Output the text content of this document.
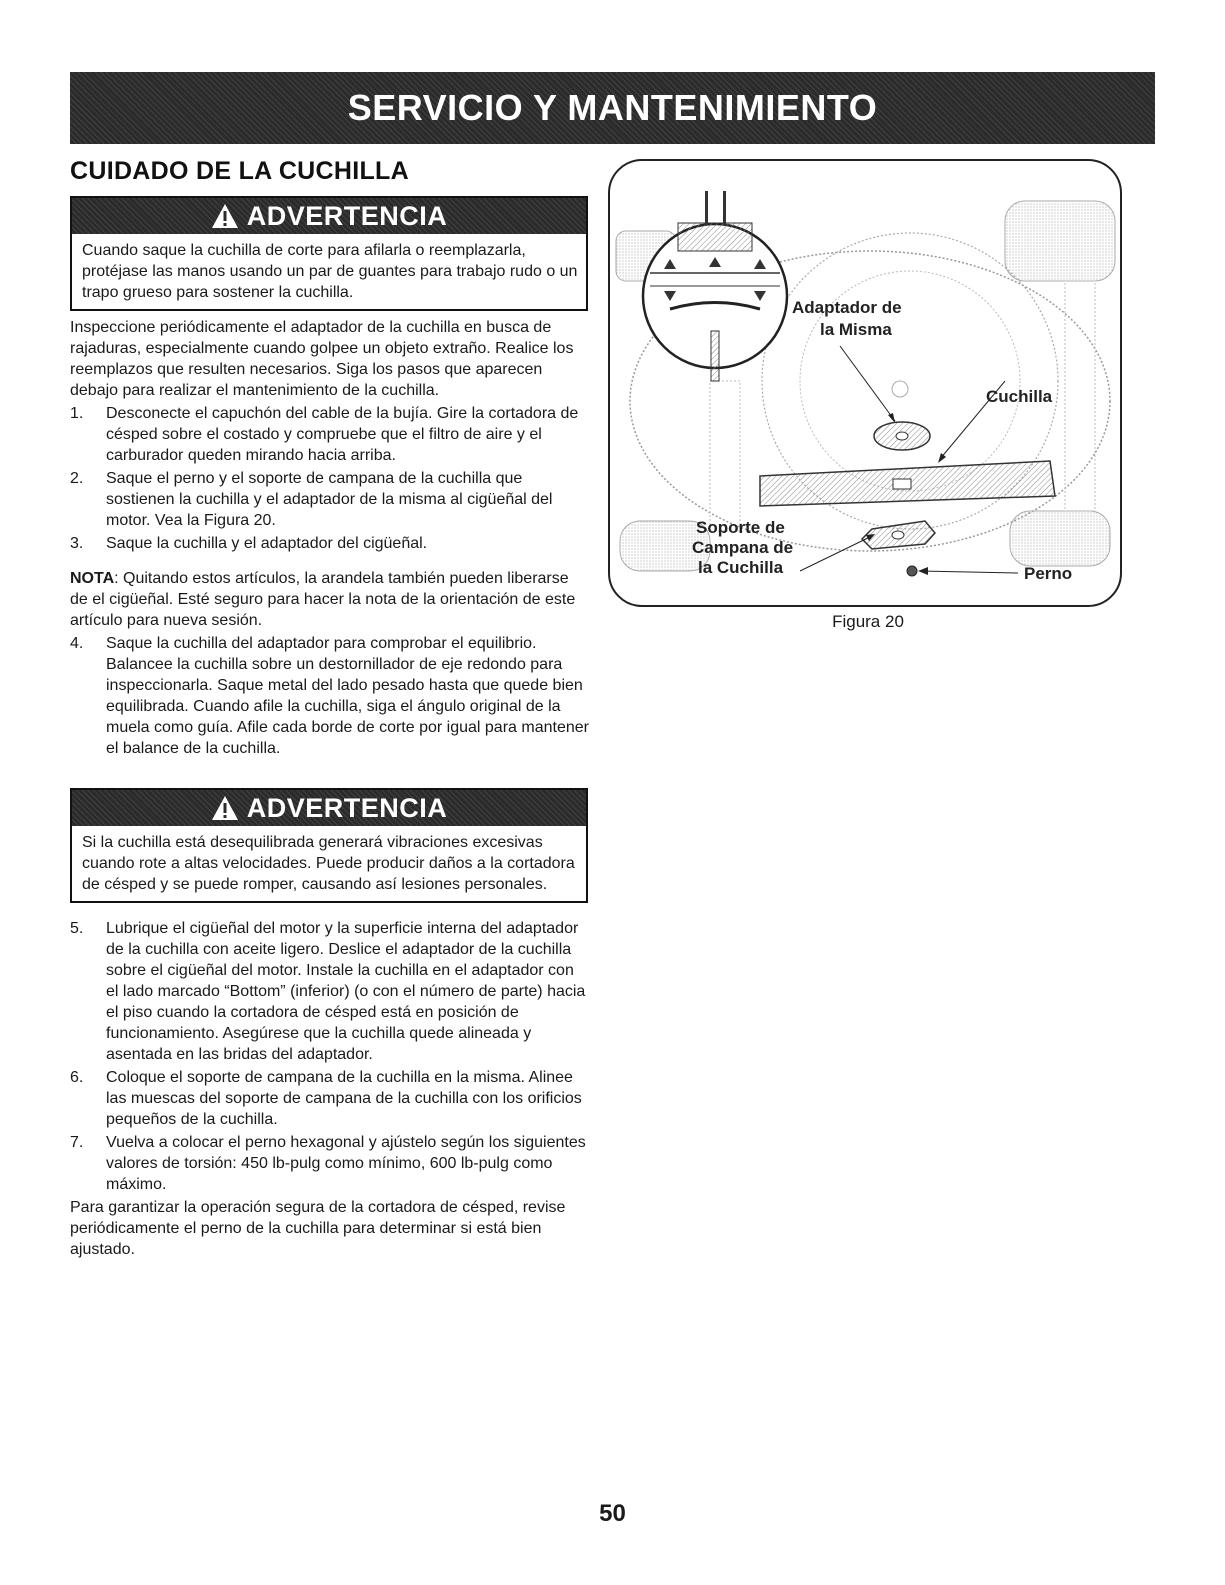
SERVICIO Y MANTENIMIENTO
CUIDADO DE LA CUCHILLA
ADVERTENCIA
Cuando saque la cuchilla de corte para afilarla o reemplazarla, protéjase las manos usando un par de guantes para trabajo rudo o un trapo grueso para sostener la cuchilla.

Inspeccione periódicamente el adaptador de la cuchilla en busca de rajaduras, especialmente cuando golpee un objeto extraño. Realice los reemplazos que resulten necesarios. Siga los pasos que aparecen debajo para realizar el mantenimiento de la cuchilla.

1.	Desconecte el capuchón del cable de la bujía. Gire la cortadora de césped sobre el costado y compruebe que el filtro de aire y el carburador queden mirando hacia arriba.
2.	Saque el perno y el soporte de campana de la cuchilla que sostienen la cuchilla y el adaptador de la misma al cigüeñal del motor. Vea la Figura 20.
3.	Saque la cuchilla y el adaptador del cigüeñal.

NOTA: Quitando estos artículos, la arandela también pueden liberarse de el cigüeñal. Esté seguro para hacer la nota de la orientación de este artículo para nueva sesión.

4.	Saque la cuchilla del adaptador para comprobar el equilibrio. Balancee la cuchilla sobre un destornillador de eje redondo para inspeccionarla. Saque metal del lado pesado hasta que quede bien equilibrada. Cuando afile la cuchilla, siga el ángulo original de la muela como guía. Afile cada borde de corte por igual para mantener el balance de la cuchilla.
ADVERTENCIA
Si la cuchilla está desequilibrada generará vibraciones excesivas cuando rote a altas velocidades. Puede producir daños a la cortadora de césped y se puede romper, causando así lesiones personales.
5.	Lubrique el cigüeñal del motor y la superficie interna del adaptador de la cuchilla con aceite ligero. Deslice el adaptador de la cuchilla sobre el cigüeñal del motor. Instale la cuchilla en el adaptador con el lado marcado “Bottom” (inferior) (o con el número de parte) hacia el piso cuando la cortadora de césped está en posición de funcionamiento. Asegúrese que la cuchilla quede alineada y asentada en las bridas del adaptador.
6.	Coloque el soporte de campana de la cuchilla en la misma. Alinee las muescas del soporte de campana de la cuchilla con los orificios pequeños de la cuchilla.
7.	Vuelva a colocar el perno hexagonal y ajústelo según los siguientes valores de torsión: 450 lb-pulg como mínimo, 600 lb-pulg como máximo.

Para garantizar la operación segura de la cortadora de césped, revise periódicamente el perno de la cuchilla para determinar si está bien ajustado.

Adaptador de
la Misma
Cuchilla
Soporte de
Campana de
la Cuchilla	Perno
Figura 20
50
